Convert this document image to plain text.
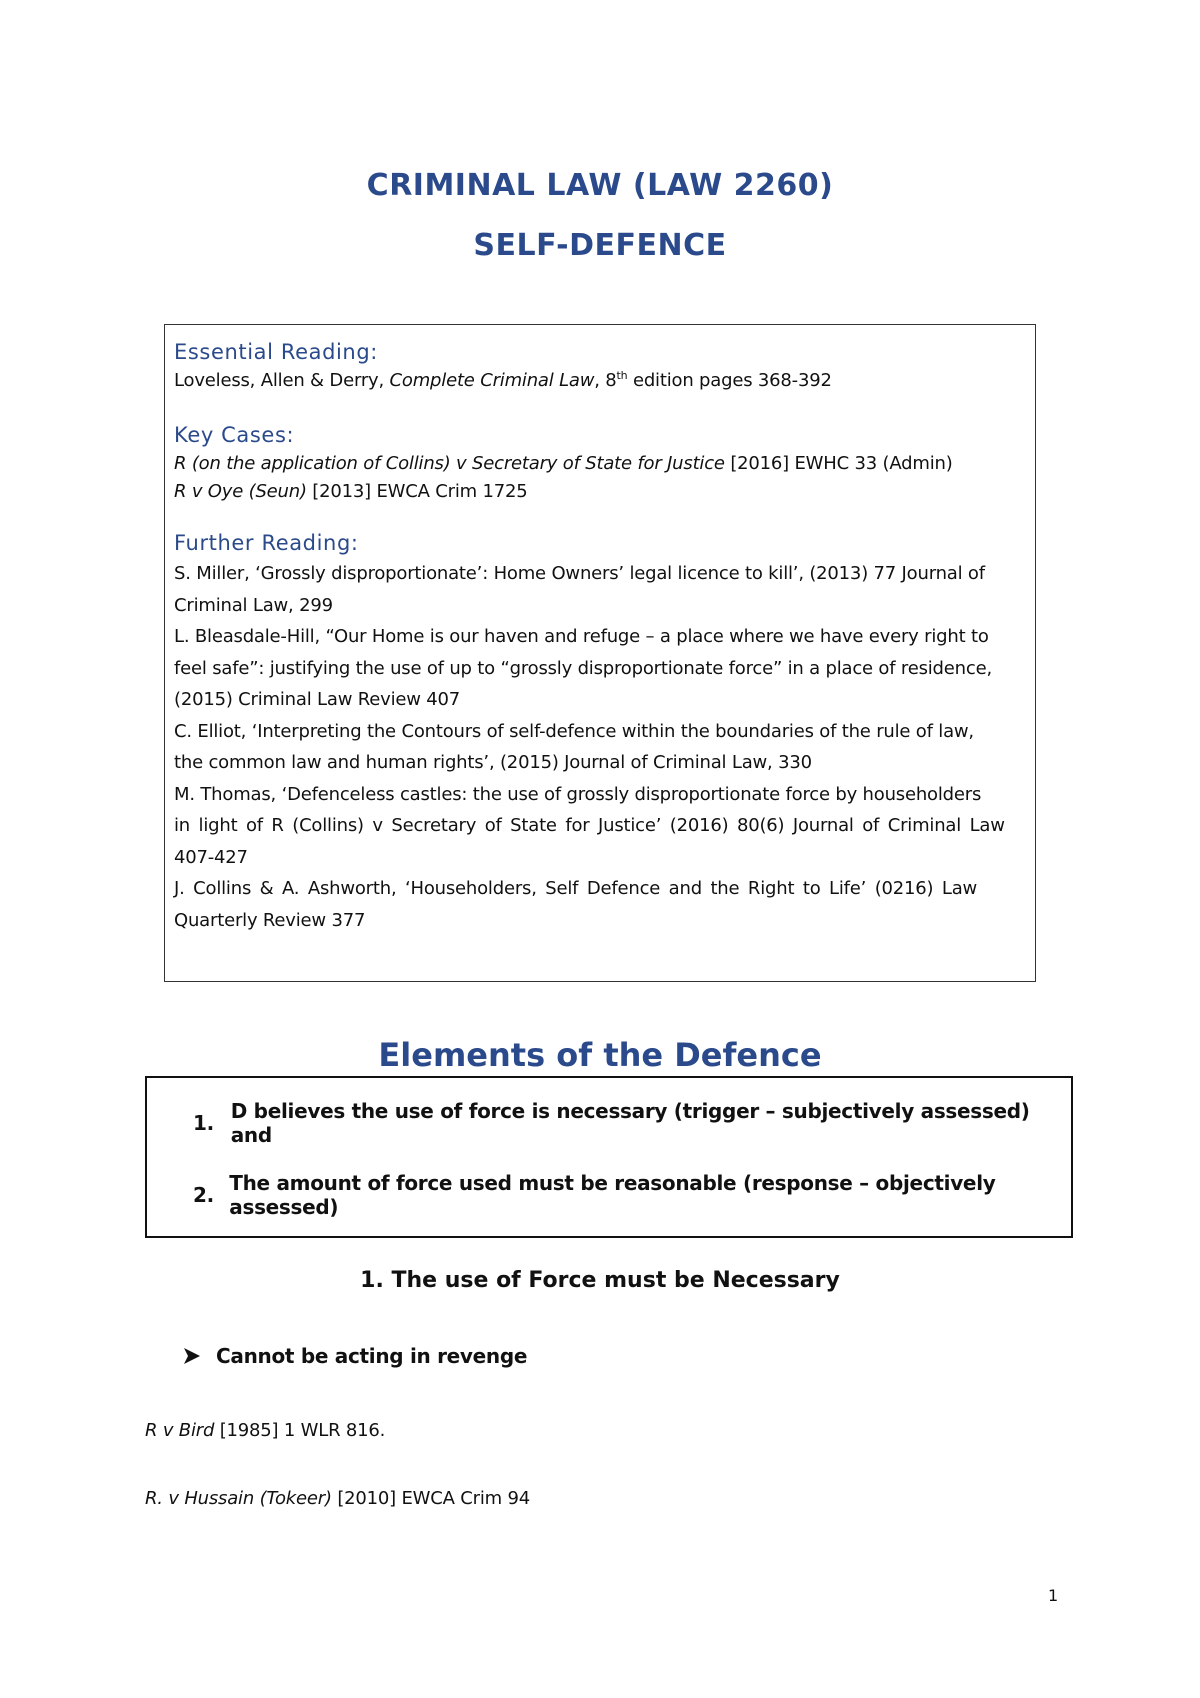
CRIMINAL LAW (LAW 2260)
SELF-DEFENCE

Essential Reading:

Loveless, Allen & Derry, Complete Criminal Law, 8th edition pages 368-392

Key Cases:

R (on the application of Collins) v Secretary of State for Justice [2016] EWHC 33 (Admin)

R v Oye (Seun) [2013] EWCA Crim 1725

Further Reading:

S. Miller, ‘Grossly disproportionate’: Home Owners’ legal licence to kill’, (2013) 77 Journal of

Criminal Law, 299

L. Bleasdale-Hill, “Our Home is our haven and refuge – a place where we have every right to

feel safe”: justifying the use of up to “grossly disproportionate force” in a place of residence,

(2015) Criminal Law Review 407

C. Elliot, ‘Interpreting the Contours of self-defence within the boundaries of the rule of law,

the common law and human rights’, (2015) Journal of Criminal Law, 330

M. Thomas, ‘Defenceless castles: the use of grossly disproportionate force by householders

in light of R (Collins) v Secretary of State for Justice’ (2016) 80(6) Journal of Criminal Law

407-427

J. Collins & A. Ashworth, ‘Householders, Self Defence and the Right to Life’ (0216) Law

Quarterly Review 377

Elements of the Defence
1. D believes the use of force is necessary (trigger – subjectively assessed) and
2. The amount of force used must be reasonable (response – objectively assessed)
1. The use of Force must be Necessary
Cannot be acting in revenge
R v Bird [1985] 1 WLR 816.
R. v Hussain (Tokeer) [2010] EWCA Crim 94
1
